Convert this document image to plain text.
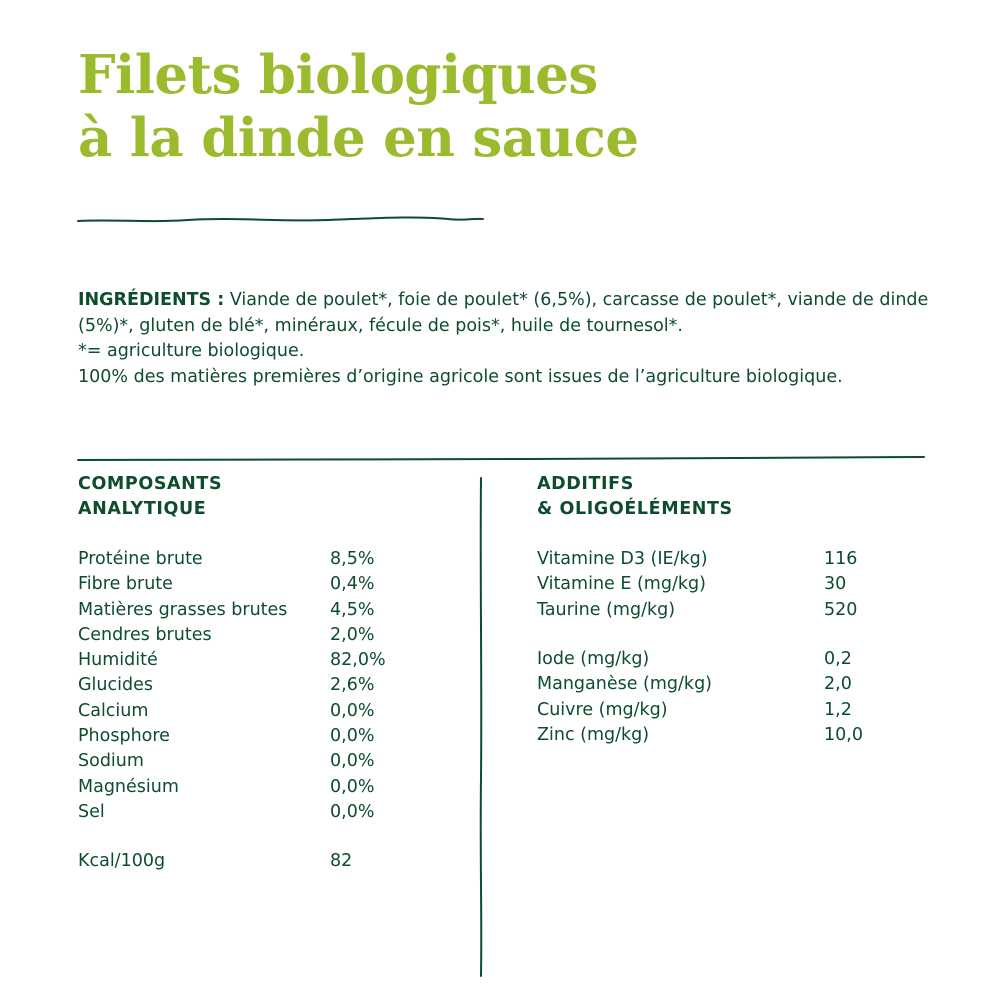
Filets biologiques
à la dinde en sauce

INGRÉDIENTS : Viande de poulet*, foie de poulet* (6,5%), carcasse de poulet*, viande de dinde (5%)*, gluten de blé*, minéraux, fécule de pois*, huile de tournesol*.

*= agriculture biologique.

100% des matières premières d’origine agricole sont issues de l’agriculture biologique.

COMPOSANTS
ANALYTIQUE
ADDITIFS
& OLIGOÉLÉMENTS
Protéine brute	8,5%
Fibre brute	0,4%
Matières grasses brutes 4,5%
Cendres brutes	2,0%
Humidité	82,0%
Glucides	2,6%
Calcium	0,0%
Phosphore	0,0%
Sodium	0,0%
Magnésium	0,0%
Sel	0,0%
Kcal/100g	82
Vitamine D3 (IE/kg)	116
Vitamine E (mg/kg)	30
Taurine (mg/kg)	520
Iode (mg/kg)	0,2
Manganèse (mg/kg)	2,0
Cuivre (mg/kg)	1,2
Zinc (mg/kg)	10,0
